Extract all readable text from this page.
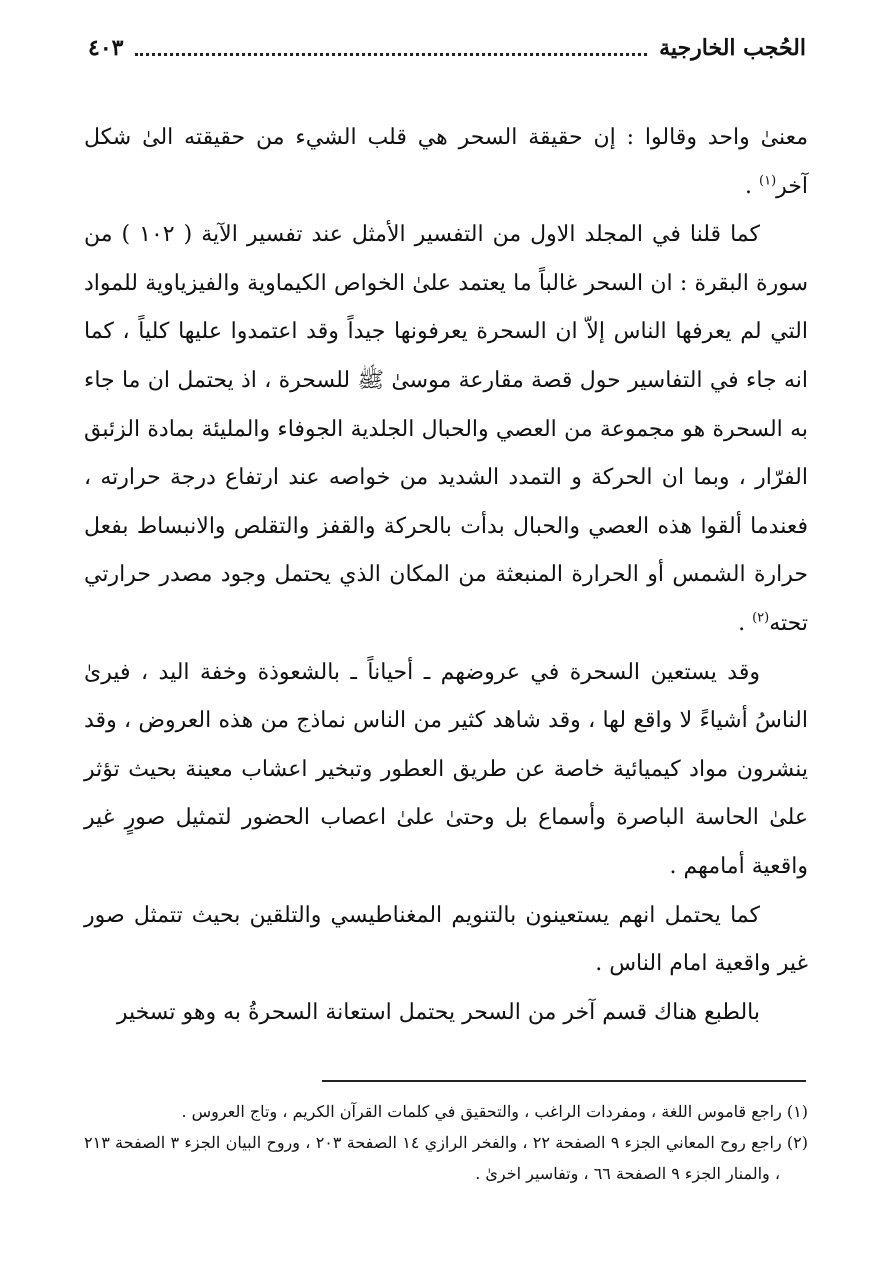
الحُجب الخارجية
٤٠٣

معنىٰ واحد وقالوا : إن حقيقة السحر هي قلب الشيء من حقيقته الىٰ شكل آخر$^{(١)}$ .

كما قلنا في المجلد الاول من التفسير الأمثل عند تفسير الآية ( ١٠٢ ) من سورة البقرة : ان السحر غالباً ما يعتمد علىٰ الخواص الكيماوية والفيزياوية للمواد التي لم يعرفها الناس إلاّ ان السحرة يعرفونها جيداً وقد اعتمدوا عليها كلياً ، كما انه جاء في التفاسير حول قصة مقارعة موسىٰ ﷺ للسحرة ، اذ يحتمل ان ما جاء به السحرة هو مجموعة من العصي والحبال الجلدية الجوفاء والمليئة بمادة الزئبق الفرّار ، وبما ان الحركة و التمدد الشديد من خواصه عند ارتفاع درجة حرارته ، فعندما ألقوا هذه العصي والحبال بدأت بالحركة والقفز والتقلص والانبساط بفعل حرارة الشمس أو الحرارة المنبعثة من المكان الذي يحتمل وجود مصدر حرارتي تحته$^{(٢)}$ .

وقد يستعين السحرة في عروضهم ـ أحياناً ـ بالشعوذة وخفة اليد ، فيرىٰ الناسُ أشياءً لا واقع لها ، وقد شاهد كثير من الناس نماذج من هذه العروض ، وقد ينشرون مواد كيميائية خاصة عن طريق العطور وتبخير اعشاب معينة بحيث تؤثر علىٰ الحاسة الباصرة وأسماع بل وحتىٰ علىٰ اعصاب الحضور لتمثيل صورٍ غير واقعية أمامهم .

كما يحتمل انهم يستعينون بالتنويم المغناطيسي والتلقين بحيث تتمثل صور غير واقعية امام الناس .

بالطبع هناك قسم آخر من السحر يحتمل استعانة السحرةُ به وهو تسخير

(١) راجع قاموس اللغة ، ومفردات الراغب ، والتحقيق في كلمات القرآن الكريم ، وتاج العروس .

(٢) راجع روح المعاني الجزء ٩ الصفحة ٢٢ ، والفخر الرازي ١٤ الصفحة ٢٠٣ ، وروح البيان الجزء ٣ الصفحة ٢١٣ ، والمنار الجزء ٩ الصفحة ٦٦ ، وتفاسير اخرىٰ .
